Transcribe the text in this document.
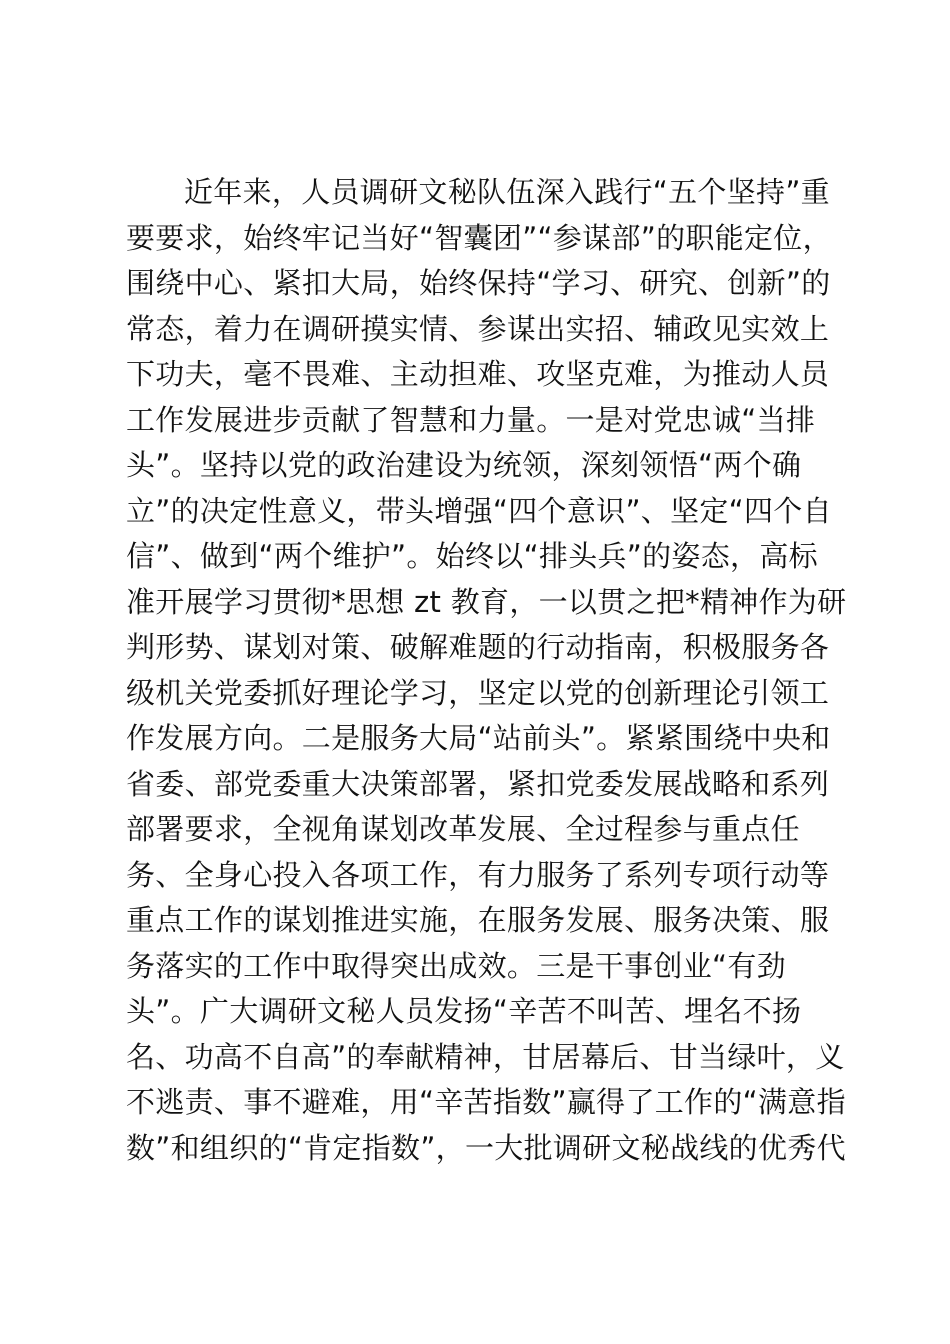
近年来，人员调研文秘队伍深入践行“五个坚持”重
要要求，始终牢记当好“智囊团”“参谋部”的职能定位，
围绕中心、紧扣大局，始终保持“学习、研究、创新”的
常态，着力在调研摸实情、参谋出实招、辅政见实效上
下功夫，毫不畏难、主动担难、攻坚克难，为推动人员
工作发展进步贡献了智慧和力量。一是对党忠诚“当排
头”。坚持以党的政治建设为统领，深刻领悟“两个确
立”的决定性意义，带头增强“四个意识”、坚定“四个自
信”、做到“两个维护”。始终以“排头兵”的姿态，高标
准开展学习贯彻*思想 zt 教育，一以贯之把*精神作为研
判形势、谋划对策、破解难题的行动指南，积极服务各
级机关党委抓好理论学习，坚定以党的创新理论引领工
作发展方向。二是服务大局“站前头”。紧紧围绕中央和
省委、部党委重大决策部署，紧扣党委发展战略和系列
部署要求，全视角谋划改革发展、全过程参与重点任
务、全身心投入各项工作，有力服务了系列专项行动等
重点工作的谋划推进实施，在服务发展、服务决策、服
务落实的工作中取得突出成效。三是干事创业“有劲
头”。广大调研文秘人员发扬“辛苦不叫苦、埋名不扬
名、功高不自高”的奉献精神，甘居幕后、甘当绿叶，义
不逃责、事不避难，用“辛苦指数”赢得了工作的“满意指
数”和组织的“肯定指数”，一大批调研文秘战线的优秀代
